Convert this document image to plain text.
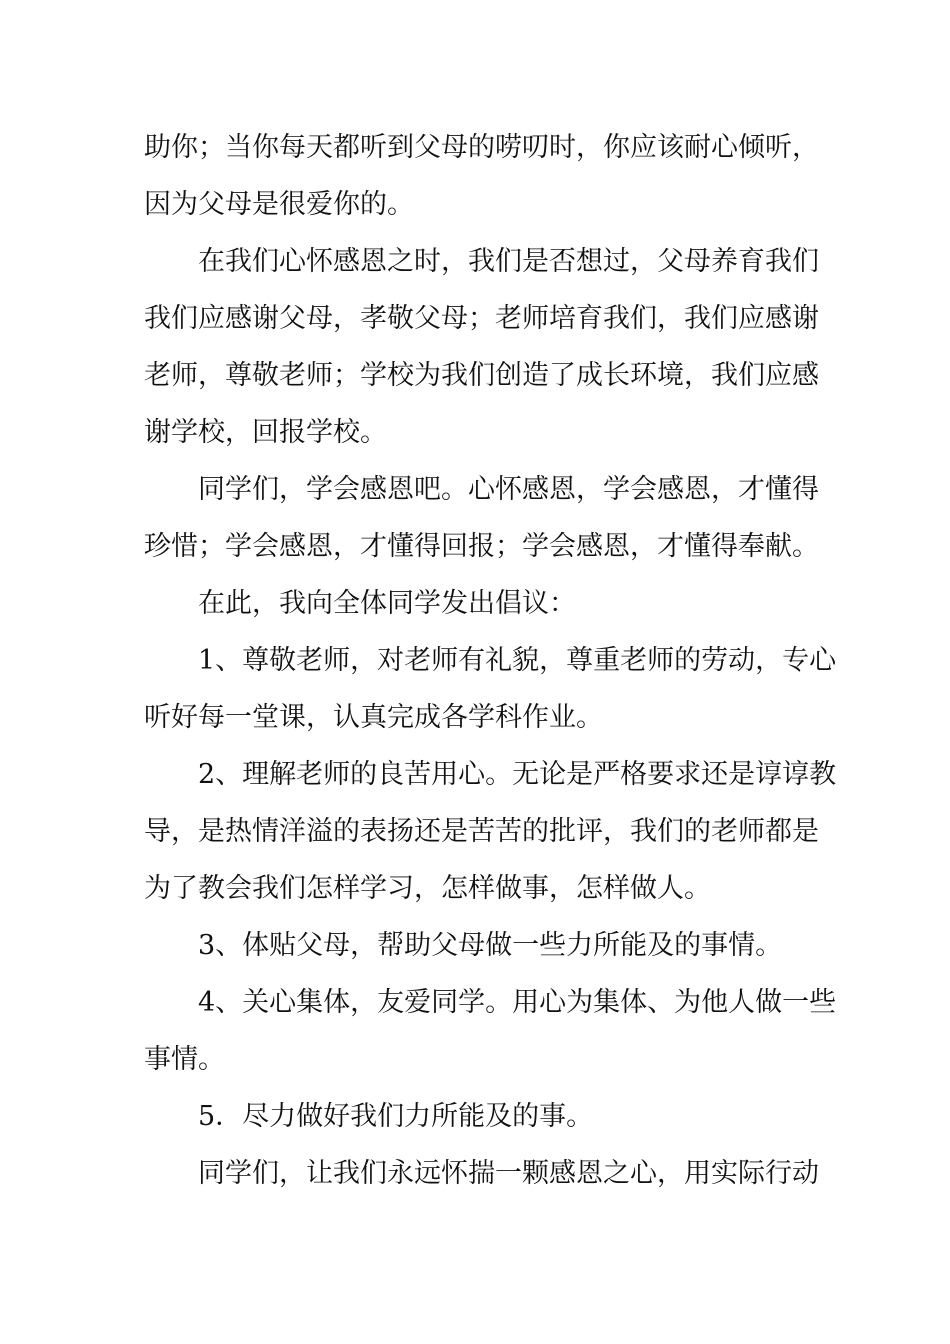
助你；当你每天都听到父母的唠叨时，你应该耐心倾听，
因为父母是很爱你的。
在我们心怀感恩之时，我们是否想过，父母养育我们
我们应感谢父母，孝敬父母；老师培育我们，我们应感谢
老师，尊敬老师；学校为我们创造了成长环境，我们应感
谢学校，回报学校。
同学们，学会感恩吧。心怀感恩，学会感恩，才懂得
珍惜；学会感恩，才懂得回报；学会感恩，才懂得奉献。
在此，我向全体同学发出倡议：
1、尊敬老师，对老师有礼貌，尊重老师的劳动，专心
听好每一堂课，认真完成各学科作业。
2、理解老师的良苦用心。无论是严格要求还是谆谆教
导，是热情洋溢的表扬还是苦苦的批评，我们的老师都是
为了教会我们怎样学习，怎样做事，怎样做人。
3、体贴父母，帮助父母做一些力所能及的事情。
4、关心集体，友爱同学。用心为集体、为他人做一些
事情。
5．尽力做好我们力所能及的事。
同学们，让我们永远怀揣一颗感恩之心，用实际行动
